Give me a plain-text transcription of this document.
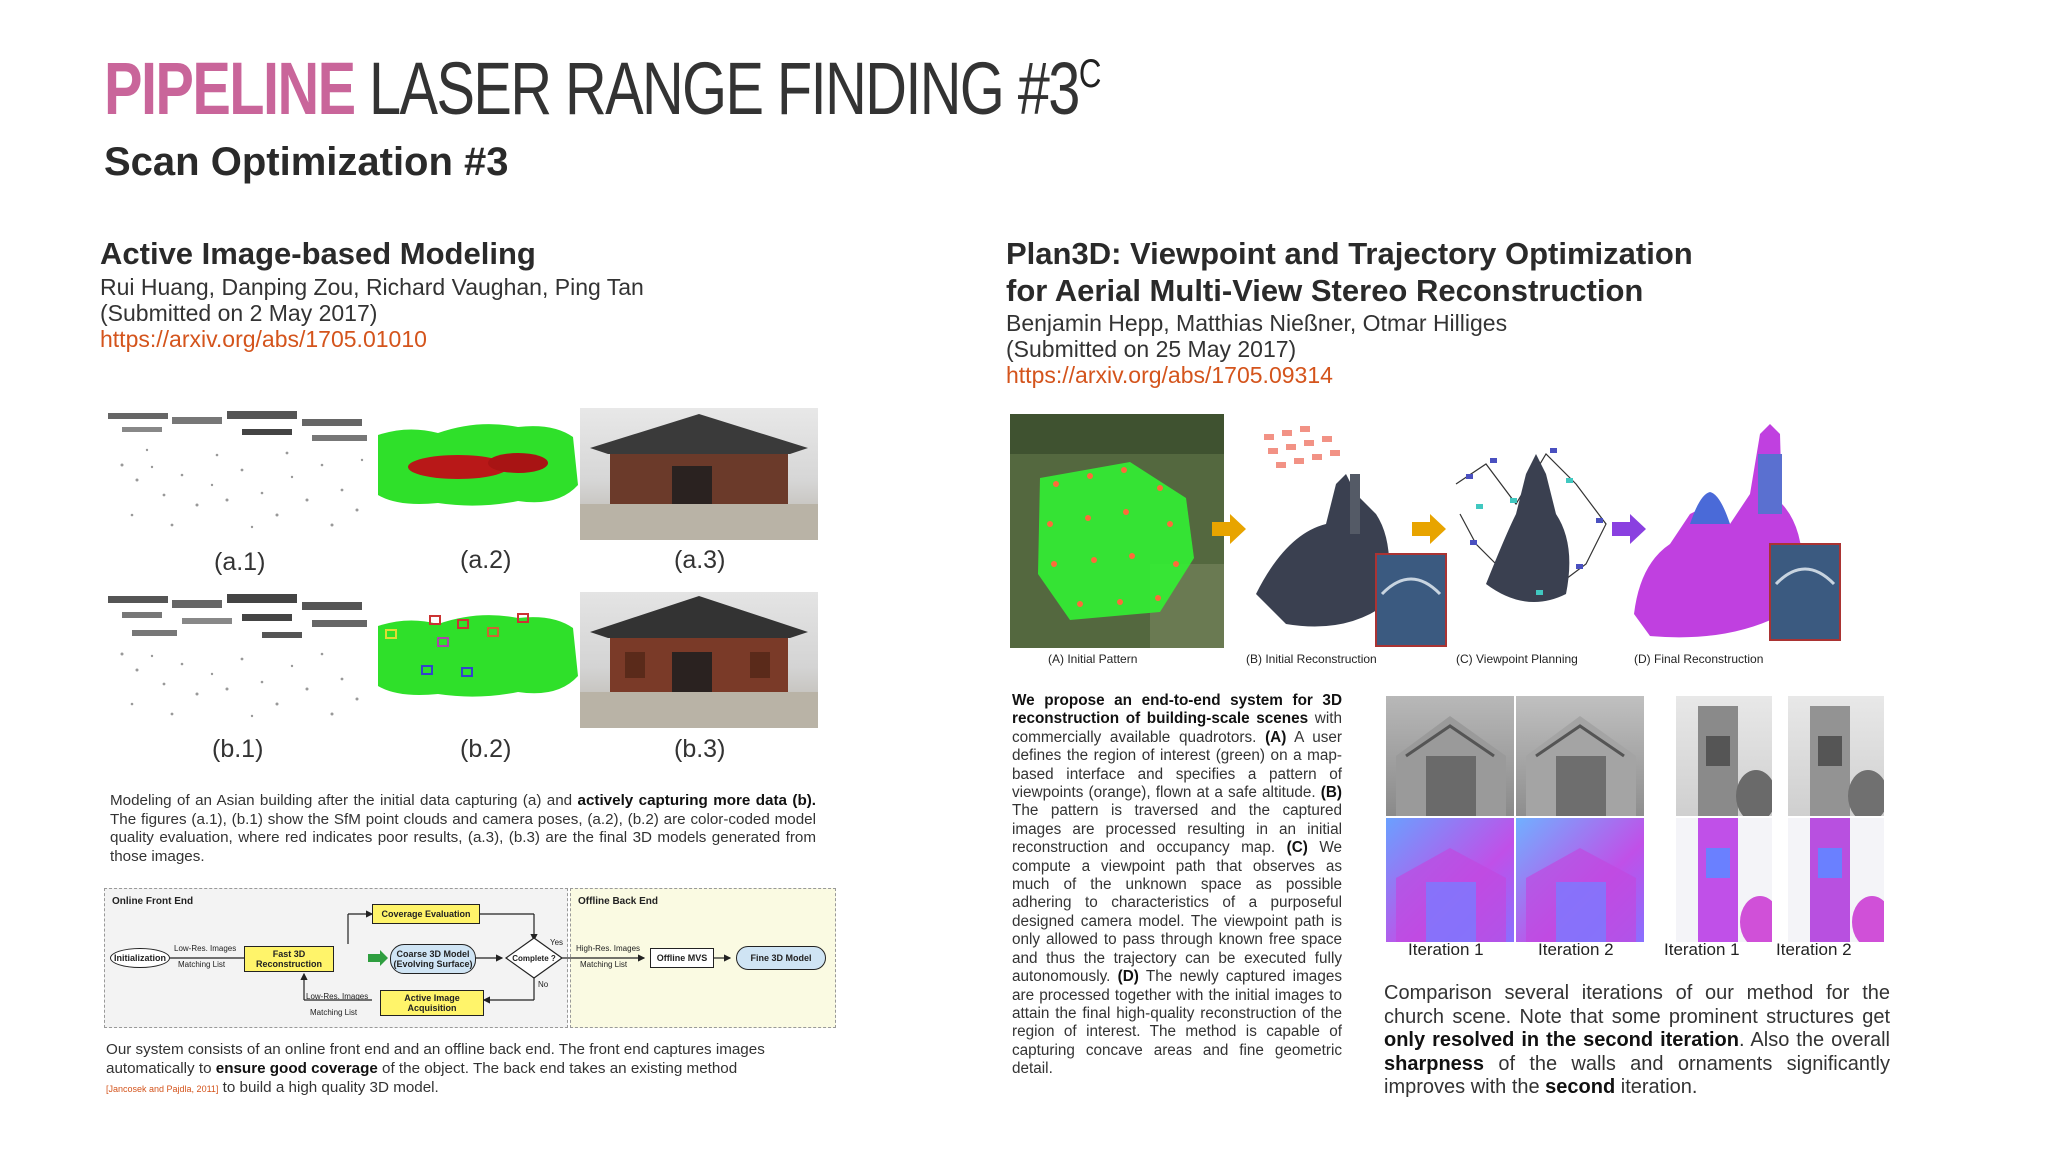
PIPELINE LASER RANGE FINDING $\#3^C$
Scan Optimization #3
Active Image-based Modeling
Rui Huang, Danping Zou, Richard Vaughan, Ping Tan
(Submitted on 2 May 2017)
https://arxiv.org/abs/1705.01010
(a.1)	(a.2)	(a.3)
(b.1)	(b.2)	(b.3)
Modeling of an Asian building after the initial data capturing (a) and actively capturing more data (b). The figures (a.1), (b.1) show the SfM point clouds and camera poses, (a.2), (b.2) are color-coded model quality evaluation, where red indicates poor results, (a.3), (b.3) are the final 3D models generated from those images.
Online Front End	Offline Back End
Coverage Evaluation
Initialization
Low-Res. Images
Matching List
Fast 3D
Reconstruction
Coarse 3D Model
(Evolving Surface)
Complete ?
Yes
No
High-Res. Images
Matching List
Offline MVS	Fine 3D Model
Low-Res. Images
Matching List
Active Image
Acquisition
Our system consists of an online front end and an offline back end. The front end captures images automatically to ensure good coverage of the object. The back end takes an existing method
[Jancosek and Pajdla, 2011] to build a high quality 3D model.
Plan3D: Viewpoint and Trajectory Optimization
for Aerial Multi-View Stereo Reconstruction
Benjamin Hepp, Matthias Nießner, Otmar Hilliges
(Submitted on 25 May 2017)
https://arxiv.org/abs/1705.09314
(A) Initial Pattern	(B) Initial Reconstruction	(C) Viewpoint Planning	(D) Final Reconstruction
We propose an end-to-end system for 3D reconstruction of building-scale scenes with commercially available quadrotors. (A) A user defines the region of interest (green) on a map-based interface and specifies a pattern of viewpoints (orange), flown at a safe altitude. (B) The pattern is traversed and the captured images are processed resulting in an initial reconstruction and occupancy map. (C) We compute a viewpoint path that observes as much of the unknown space as possible adhering to characteristics of a purposeful designed camera model. The viewpoint path is only allowed to pass through known free space and thus the trajectory can be executed fully autonomously. (D) The newly captured images are processed together with the initial images to attain the final high-quality reconstruction of the region of interest. The method is capable of capturing concave areas and fine geometric detail.
Iteration 1	Iteration 2	Iteration 1 Iteration 2
Comparison several iterations of our method for the church scene. Note that some prominent structures get only resolved in the second iteration. Also the overall sharpness of the walls and ornaments significantly improves with the second iteration.
